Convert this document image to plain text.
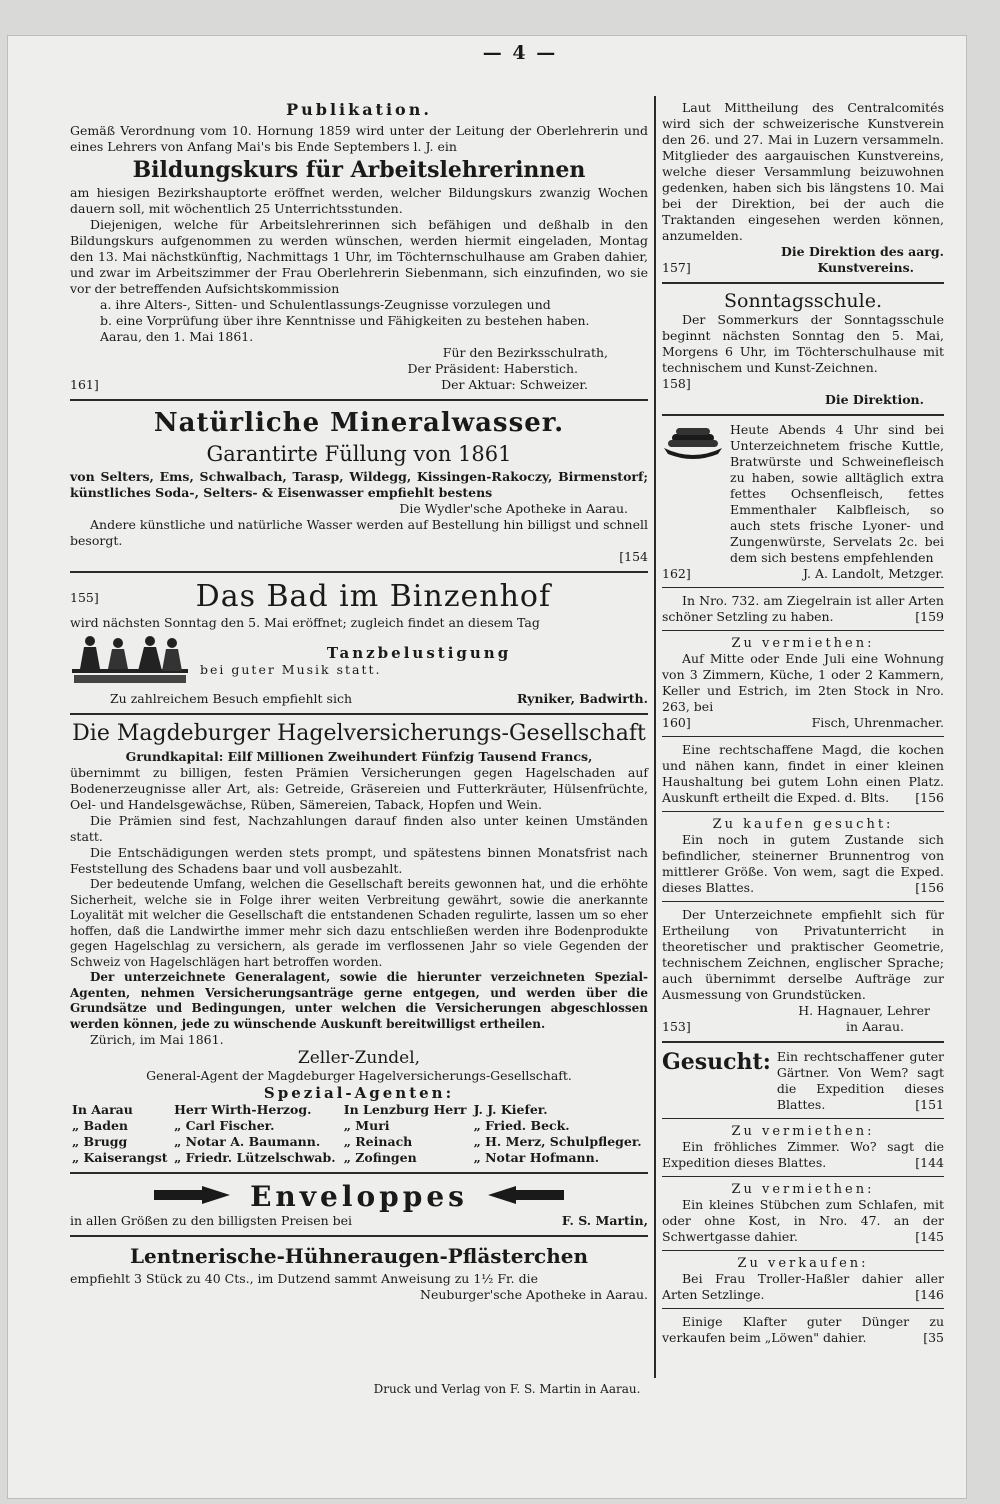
— 4 —
Publikation.

Gemäß Verordnung vom 10. Hornung 1859 wird unter der Leitung der Oberlehrerin und eines Lehrers von Anfang Mai's bis Ende Septembers l. J. ein

Bildungskurs für Arbeitslehrerinnen

am hiesigen Bezirkshauptorte eröffnet werden, welcher Bildungskurs zwanzig Wochen dauern soll, mit wöchentlich 25 Unterrichtsstunden.

Diejenigen, welche für Arbeitslehrerinnen sich befähigen und deßhalb in den Bildungskurs aufgenommen zu werden wünschen, werden hiermit eingeladen, Montag den 13. Mai nächstkünftig, Nachmittags 1 Uhr, im Töchternschulhause am Graben dahier, und zwar im Arbeitszimmer der Frau Oberlehrerin Siebenmann, sich einzufinden, wo sie vor der betreffenden Aufsichtskommission

a. ihre Alters-, Sitten- und Schulentlassungs-Zeugnisse vorzulegen und

b. eine Vorprüfung über ihre Kenntnisse und Fähigkeiten zu bestehen haben.

Aarau, den 1. Mai 1861.

Für den Bezirksschulrath,

Der Präsident: Haberstich.

161]	Der Aktuar: Schweizer.
Natürliche Mineralwasser.
Garantirte Füllung von 1861

von Selters, Ems, Schwalbach, Tarasp, Wildegg, Kissingen-Rakoczy, Birmenstorf; künstliches Soda-, Selters- & Eisenwasser empfiehlt bestens

Die Wydler'sche Apotheke in Aarau.

Andere künstliche und natürliche Wasser werden auf Bestellung hin billigst und schnell besorgt.

[154

155]	Das Bad im Binzenhof

wird nächsten Sonntag den 5. Mai eröffnet; zugleich findet an diesem Tag

Tanzbelustigung
bei guter Musik statt.
Zu zahlreichem Besuch empfiehlt sich	Ryniker, Badwirth.
Die Magdeburger Hagelversicherungs-Gesellschaft

Grundkapital: Eilf Millionen Zweihundert Fünfzig Tausend Francs,

übernimmt zu billigen, festen Prämien Versicherungen gegen Hagelschaden auf Bodenerzeugnisse aller Art, als: Getreide, Gräsereien und Futterkräuter, Hülsenfrüchte, Oel- und Handelsgewächse, Rüben, Sämereien, Taback, Hopfen und Wein.

Die Prämien sind fest, Nachzahlungen darauf finden also unter keinen Umständen statt.

Die Entschädigungen werden stets prompt, und spätestens binnen Monatsfrist nach Feststellung des Schadens baar und voll ausbezahlt.

Der bedeutende Umfang, welchen die Gesellschaft bereits gewonnen hat, und die erhöhte Sicherheit, welche sie in Folge ihrer weiten Verbreitung gewährt, sowie die anerkannte Loyalität mit welcher die Gesellschaft die entstandenen Schaden regulirte, lassen um so eher hoffen, daß die Landwirthe immer mehr sich dazu entschließen werden ihre Bodenprodukte gegen Hagelschlag zu versichern, als gerade im verflossenen Jahr so viele Gegenden der Schweiz von Hagelschlägen hart betroffen worden.

Der unterzeichnete Generalagent, sowie die hierunter verzeichneten Spezial-Agenten, nehmen Versicherungsanträge gerne entgegen, und werden über die Grundsätze und Bedingungen, unter welchen die Versicherungen abgeschlossen werden können, jede zu wünschende Auskunft bereitwilligst ertheilen.

Zürich, im Mai 1861.

Zeller-Zundel,

General-Agent der Magdeburger Hagelversicherungs-Gesellschaft.

Spezial-Agenten:
In Aarau	Herr Wirth-Herzog.	In Lenzburg Herr	J. J. Kiefer.
„ Baden	„ Carl Fischer.	„ Muri	„ Fried. Beck.
„ Brugg	„ Notar A. Baumann.	„ Reinach	„ H. Merz, Schulpfleger.
„ Kaiserangst	„ Friedr. Lützelschwab.	„ Zofingen	„ Notar Hofmann.
Enveloppes
in allen Größen zu den billigsten Preisen bei	F. S. Martin,
Lentnerische-Hühneraugen-Pflästerchen

empfiehlt 3 Stück zu 40 Cts., im Dutzend sammt Anweisung zu 1½ Fr. die

Neuburger'sche Apotheke in Aarau.

Laut Mittheilung des Centralcomités wird sich der schweizerische Kunstverein den 26. und 27. Mai in Luzern versammeln. Mitglieder des aargauischen Kunstvereins, welche dieser Versammlung beizuwohnen gedenken, haben sich bis längstens 10. Mai bei der Direktion, bei der auch die Traktanden eingesehen werden können, anzumelden.

Die Direktion des aarg.

157]	Kunstvereins.
Sonntagsschule.

Der Sommerkurs der Sonntagsschule beginnt nächsten Sonntag den 5. Mai, Morgens 6 Uhr, im Töchterschulhause mit technischem und Kunst-Zeichnen.

158]

Die Direktion.

Heute Abends 4 Uhr sind bei Unterzeichnetem frische Kuttle, Bratwürste und Schweinefleisch zu haben, sowie alltäglich extra fettes Ochsenfleisch, fettes Emmenthaler Kalbfleisch, so auch stets frische Lyoner- und Zungenwürste, Servelats 2c. bei dem sich bestens empfehlenden

162]	J. A. Landolt, Metzger.

In Nro. 732. am Ziegelrain ist aller Arten schöner Setzling zu haben.	[159

Zu vermiethen:

Auf Mitte oder Ende Juli eine Wohnung von 3 Zimmern, Küche, 1 oder 2 Kammern, Keller und Estrich, im 2ten Stock in Nro. 263, bei

160]	Fisch, Uhrenmacher.

Eine rechtschaffene Magd, die kochen und nähen kann, findet in einer kleinen Haushaltung bei gutem Lohn einen Platz. Auskunft ertheilt die Exped. d. Blts.	[156

Zu kaufen gesucht:

Ein noch in gutem Zustande sich befindlicher, steinerner Brunnentrog von mittlerer Größe. Von wem, sagt die Exped. dieses Blattes.	[156

Der Unterzeichnete empfiehlt sich für Ertheilung von Privatunterricht in theoretischer und praktischer Geometrie, technischem Zeichnen, englischer Sprache; auch übernimmt derselbe Aufträge zur Ausmessung von Grundstücken.

H. Hagnauer, Lehrer

153]	in Aarau.
Gesucht: Ein rechtschaffener guter Gärtner. Von Wem? sagt die Expedition dieses Blattes.	[151

Zu vermiethen:

Ein fröhliches Zimmer. Wo? sagt die Expedition dieses Blattes.	[144

Zu vermiethen:

Ein kleines Stübchen zum Schlafen, mit oder ohne Kost, in Nro. 47. an der Schwertgasse dahier.	[145

Zu verkaufen:

Bei Frau Troller-Haßler dahier aller Arten Setzlinge.	[146

Einige Klafter guter Dünger zu verkaufen beim „Löwen" dahier.	[35

Druck und Verlag von F. S. Martin in Aarau.
